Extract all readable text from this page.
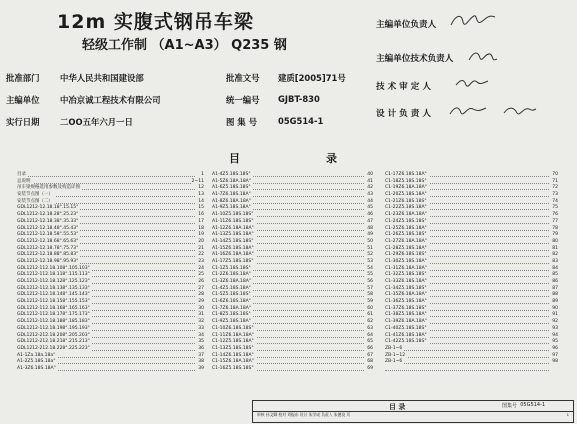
12m 实腹式钢吊车梁
轻级工作制 （A1~A3） Q235 钢
批准部门 中华人民共和国建设部
主编单位 中冶京诚工程技术有限公司
实行日期 二OO五年六月一日
批准文号 建质[2005]71号
统一编号 GJBT-830
图 集 号	05G514-1
主编单位负责人
主编单位技术负责人
技 术 审 定 人
设 计 负 责 人
目	录
目录	1
总说明	2~11
吊车梁规格选用参数及构造详图	12
安装节点图（一）	13
安装节点图（二）	14
GDL1212-12.18.18°.15.15°	15
GDL1212-12.18.28°.25.23°	16
GDL1212-12.18.38°.35.33°	17
GDL1212-12.18.48°.45.43°	18
GDL1212-12.18.58°.55.53°	19
GDL1212-12.18.68°.65.63°	20
GDL1212-12.18.78°.75.73°	21
GDL1212-12.18.88°.85.83°	22
GDL1212-12.18.98°.95.93°	23
GDL1212-112.18.108°.105.103°	24
GDL1212-112.18.118°.115.113°	25
GDL1212-112.18.128°.125.123°	26
GDL1212-112.18.138°.135.133°	27
GDL1212-112.18.148°.145.143°	28
GDL1212-112.18.158°.155.153°	29
GDL1212-112.18.168°.165.163°	30
GDL1212-112.18.178°.175.173°	31
GDL1212-112.18.188°.185.183°	32
GDL1212-112.18.198°.195.193°	33
GDL1212-212.18.208°.205.203°	34
GDL1212-212.18.218°.215.213°	35
GDL1212-212.18.228°.225.223°	36
A1-1Za.18a.18a°	37
A1-2Z5.18S.18a°	38
A1-3Z6.18S.18A°	39
A1-4Z5.18S.18S°	40
A1-5Z6.18A.18A°	41
A1-6Z5.18S.18S°	42
A1-7Z6.18S.18A°	43
A1-8Z6.18A.18A°	44
A1-9Z5.18S.18A°	45
A1-10Z5.18S.18S°	46
A1-11Z6.18S.18S°	47
A1-12Z6.18A.18A°	48
A1-13Z5.18S.18A°	49
A1-14Z5.18S.18S°	50
A1-15Z6.18S.18A°	51
A1-16Z6.18A.18A°	52
A1-17Z5.18S.18S°	53
C1-1Z5.18S.18S°	54
C1-2Z6.18S.18A°	55
C1-3Z6.18A.18A°	56
C1-4Z5.18S.18A°	57
C1-5Z5.18S.18S°	58
C1-6Z6.18S.18A°	59
C1-7Z6.18A.18A°	60
C1-8Z5.18S.18S°	61
C1-9Z5.18S.18A°	62
C1-10Z6.18S.18S°	63
C1-11Z6.18A.18A°	64
C1-12Z5.18S.18A°	65
C1-13Z5.18S.18S°	66
C1-14Z6.18S.18A°	67
C1-15Z6.18A.18A°	68
C1-16Z5.18S.18S°	69
C1-17Z6.18S.18A°	70
C1-18Z5.18S.18S°	71
C1-19Z6.18A.18A°	72
C1-20Z5.18S.18A°	73
C1-21Z6.18S.18S°	74
C1-22Z5.18S.18A°	75
C1-23Z6.18A.18A°	76
C1-24Z5.18S.18S°	77
C1-25Z6.18S.18A°	78
C1-26Z5.18S.18S°	79
C1-27Z6.18A.18A°	80
C1-28Z5.18S.18A°	81
C1-29Z6.18S.18S°	82
C1-30Z5.18S.18A°	83
C1-31Z6.18A.18A°	84
C1-32Z5.18S.18S°	85
C1-33Z6.18S.18A°	86
C1-34Z5.18S.18S°	87
C1-35Z6.18A.18A°	88
C1-36Z5.18S.18A°	89
C1-37Z6.18S.18S°	90
C1-38Z5.18S.18A°	91
C1-39Z6.18A.18A°	92
C1-40Z5.18S.18S°	93
C1-41Z6.18S.18A°	94
C1-42Z5.18S.18S°	95
ZB-1~6	96
ZB-1~12	97
ZB-1~6	98
目 录	图集号 05G514-1
审核 孙文卿 校对 刘振东 设计 朱学成 负责人 朱德良 页	1
